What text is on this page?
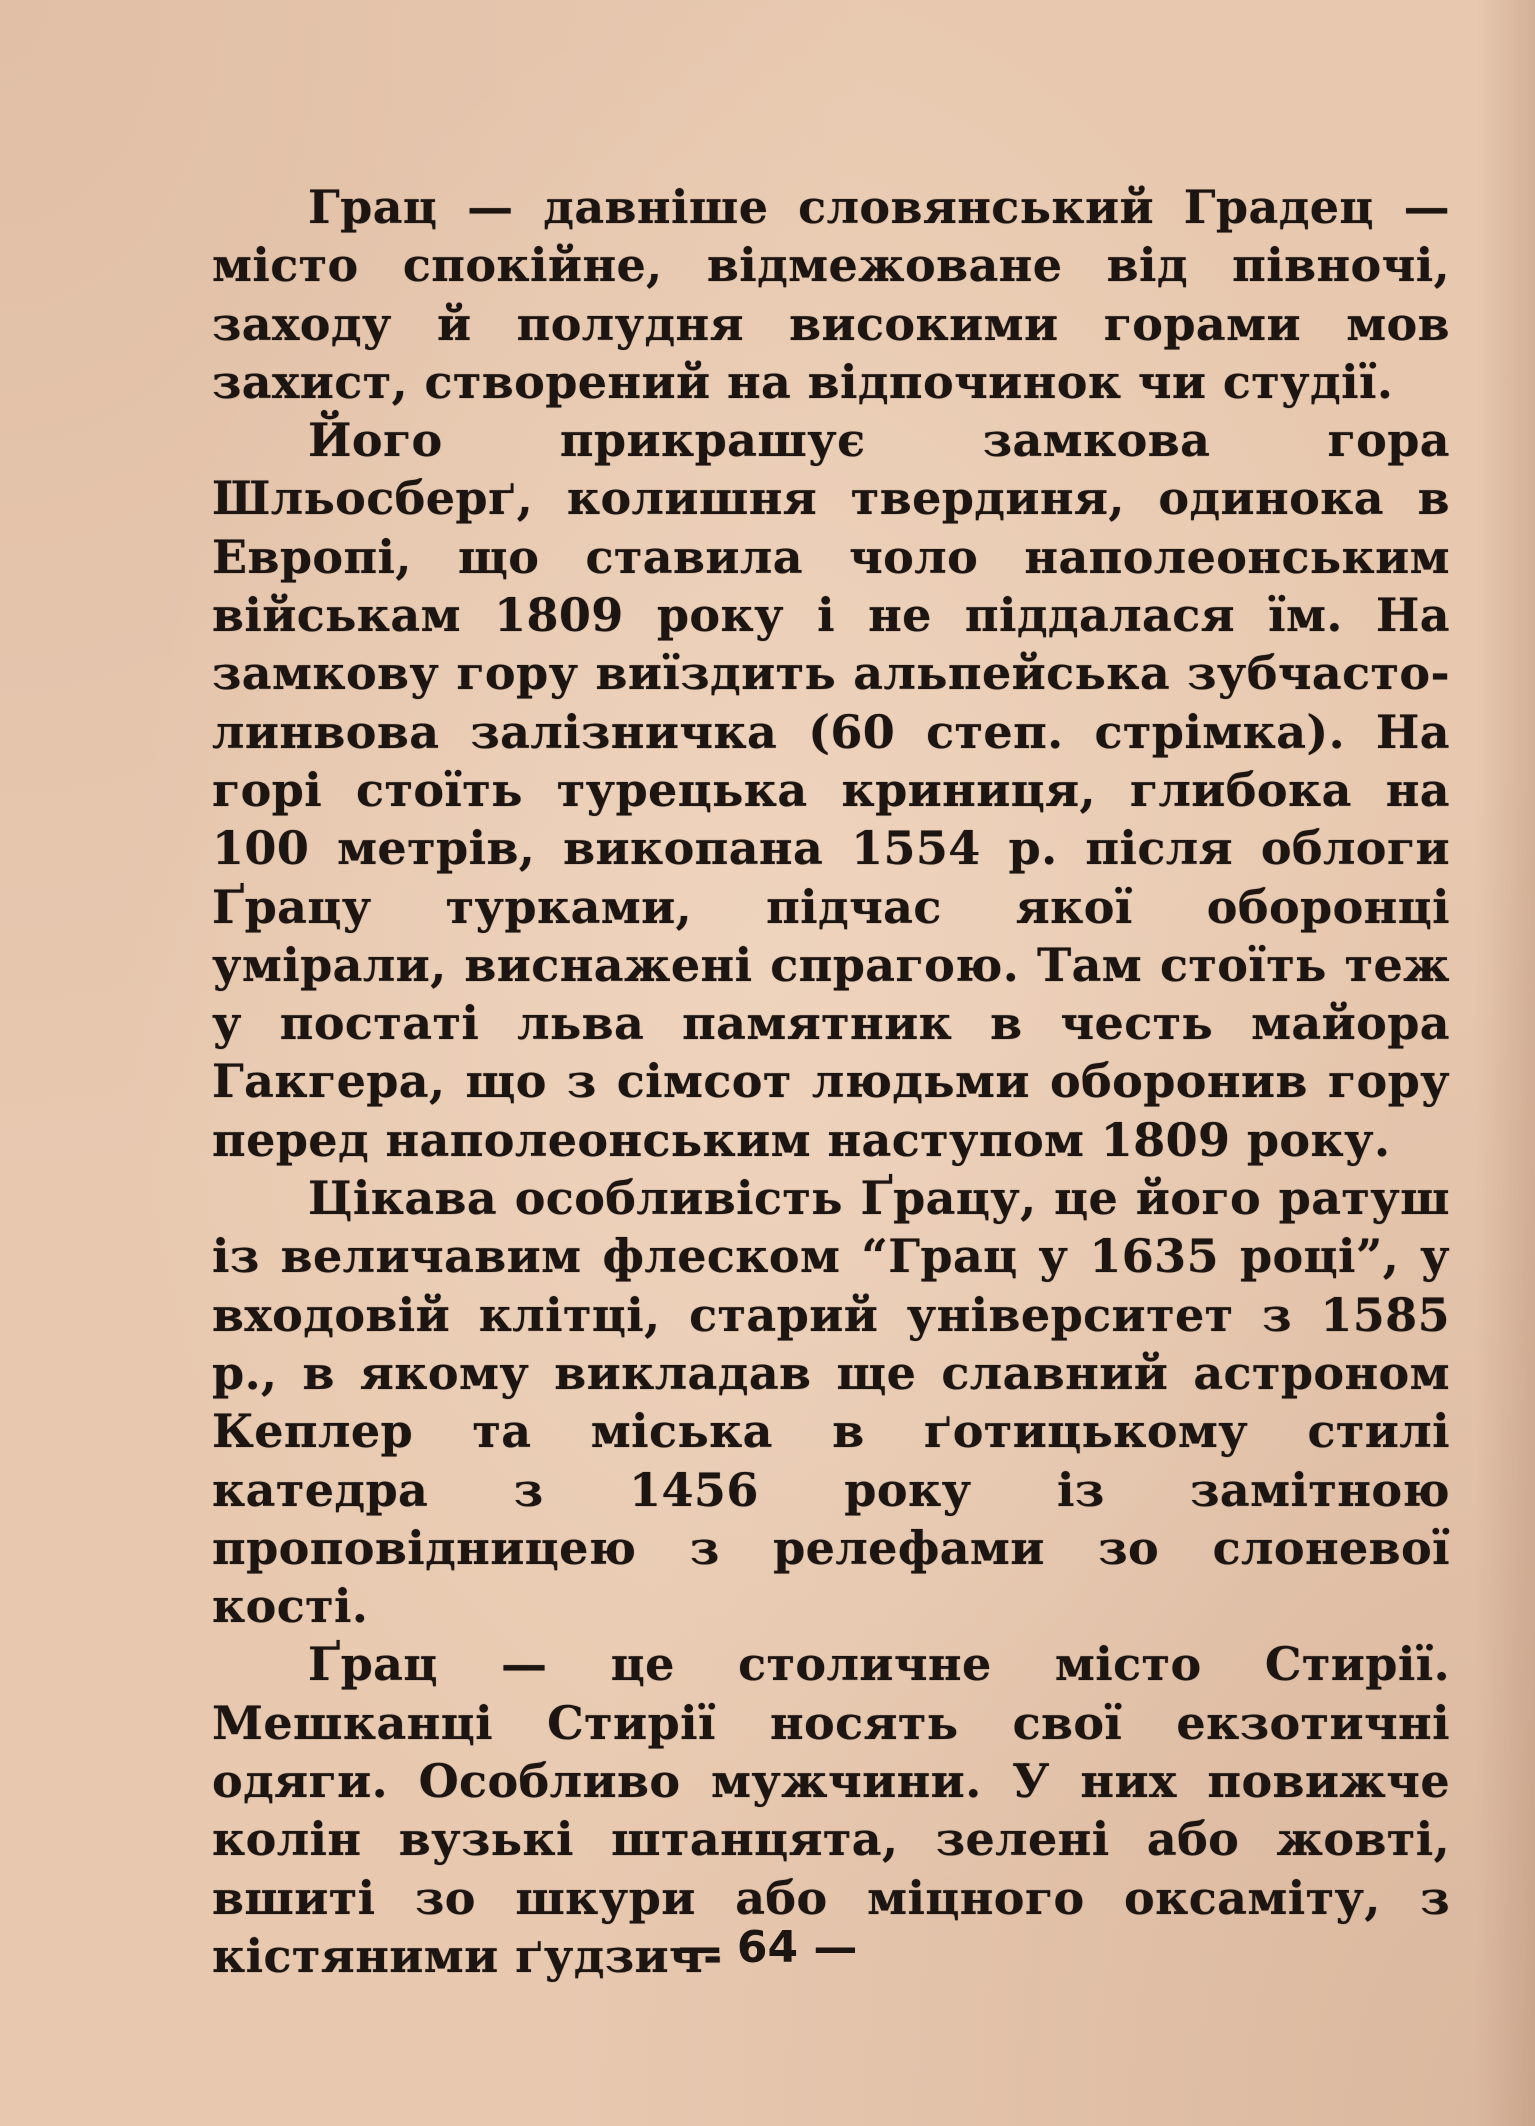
Грац — давніше словянський Градец — місто спокійне, відмежоване від півночі, заходу й полудня високими горами мов захист, створений на відпочинок чи студії.

Його прикрашує замкова гора Шльосберґ, колишня твердиня, одинока в Европі, що ставила чоло наполеонським військам 1809 року і не піддалася їм. На замкову гору виїздить альпейська зубчасто-линвова залізничка (60 степ. стрімка). На горі стоїть турецька криниця, глибока на 100 метрів, викопана 1554 р. після облоги Ґрацу турками, підчас якої оборонці умірали, виснажені спрагою. Там стоїть теж у постаті льва памятник в честь майора Гакгера, що з сімсот людьми оборонив гору перед наполеонським наступом 1809 року.

Цікава особливість Ґрацу, це його ратуш із величавим флеском “Грац у 1635 році”, у входовій клітці, старий університет з 1585 р., в якому викладав ще славний астроном Кеплер та міська в ґотицькому стилі катедра з 1456 року із замітною проповідницею з релефами зо слоневої кості.

Ґрац — це столичне місто Стирії. Мешканці Стирії носять свої екзотичні одяги. Особливо мужчини. У них повижче колін вузькі штанцята, зелені або жовті, вшиті зо шкури або міцного оксаміту, з кістяними ґудзич-

— 64 —
